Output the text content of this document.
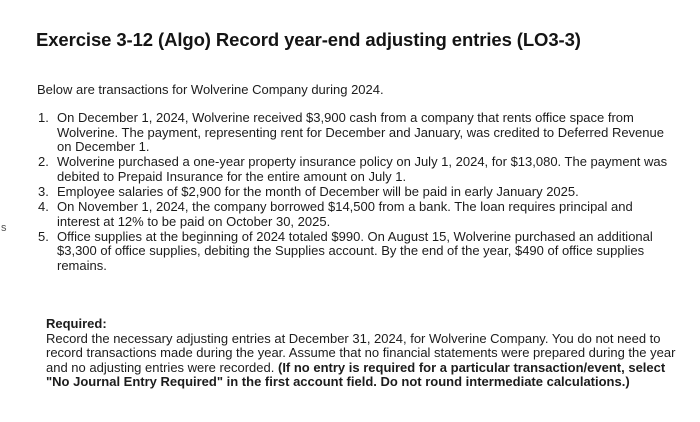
s
Exercise 3-12 (Algo) Record year-end adjusting entries (LO3-3)

Below are transactions for Wolverine Company during 2024.

1. On December 1, 2024, Wolverine received $3,900 cash from a company that rents office space from Wolverine. The payment, representing rent for December and January, was credited to Deferred Revenue on December 1.
2. Wolverine purchased a one-year property insurance policy on July 1, 2024, for $13,080. The payment was debited to Prepaid Insurance for the entire amount on July 1.
3. Employee salaries of $2,900 for the month of December will be paid in early January 2025.
4. On November 1, 2024, the company borrowed $14,500 from a bank. The loan requires principal and interest at 12% to be paid on October 30, 2025.
5. Office supplies at the beginning of 2024 totaled $990. On August 15, Wolverine purchased an additional $3,300 of office supplies, debiting the Supplies account. By the end of the year, $490 of office supplies remains.
Required:
Record the necessary adjusting entries at December 31, 2024, for Wolverine Company. You do not need to record transactions made during the year. Assume that no financial statements were prepared during the year and no adjusting entries were recorded. (If no entry is required for a particular transaction/event, select "No Journal Entry Required" in the first account field. Do not round intermediate calculations.)
